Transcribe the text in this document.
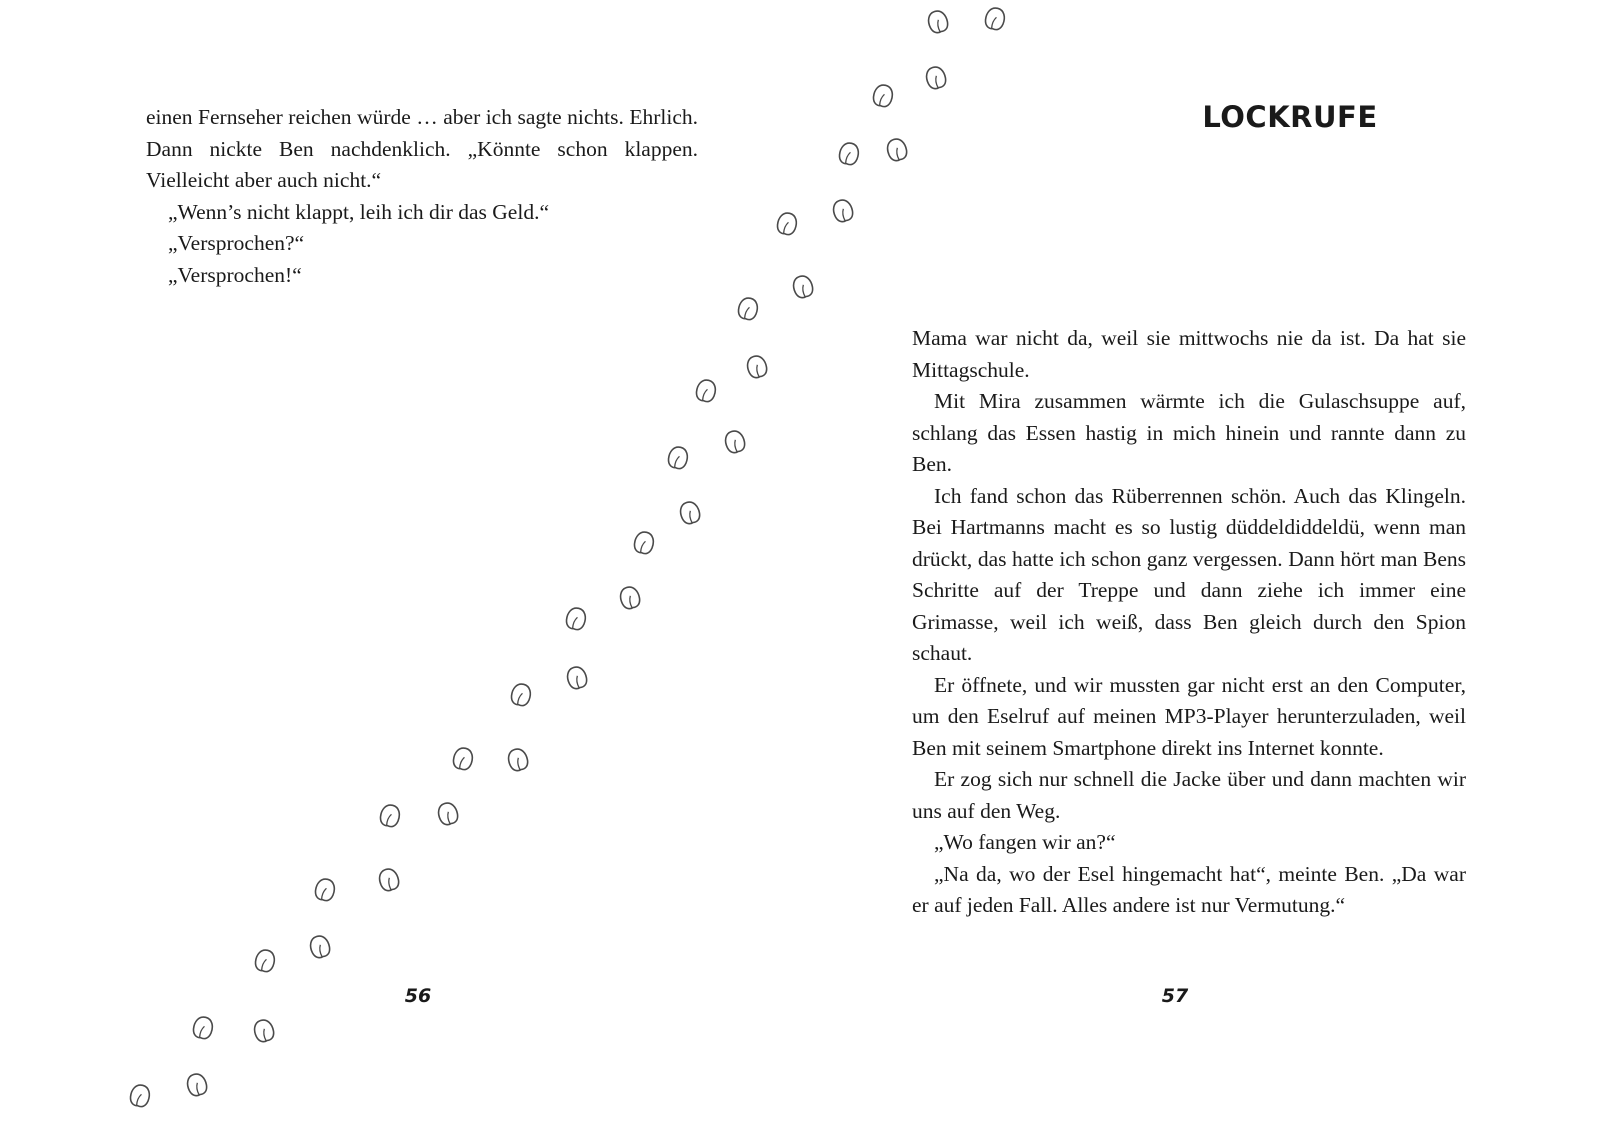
einen Fernseher reichen würde … aber ich sagte nichts. Ehrlich. Dann nickte Ben nachdenklich. „Könnte schon klappen. Vielleicht aber auch nicht.“

„Wenn’s nicht klappt, leih ich dir das Geld.“

„Versprochen?“

„Versprochen!“

56
LOCKRUFE

Mama war nicht da, weil sie mittwochs nie da ist. Da hat sie Mittagschule.

Mit Mira zusammen wärmte ich die Gulaschsuppe auf, schlang das Essen hastig in mich hinein und rannte dann zu Ben.

Ich fand schon das Rüberrennen schön. Auch das Klingeln. Bei Hartmanns macht es so lustig düddeldiddeldü, wenn man drückt, das hatte ich schon ganz vergessen. Dann hört man Bens Schritte auf der Treppe und dann ziehe ich immer eine Grimasse, weil ich weiß, dass Ben gleich durch den Spion schaut.

Er öffnete, und wir mussten gar nicht erst an den Computer, um den Eselruf auf meinen MP3-Player herunterzuladen, weil Ben mit seinem Smartphone direkt ins Internet konnte.

Er zog sich nur schnell die Jacke über und dann machten wir uns auf den Weg.

„Wo fangen wir an?“

„Na da, wo der Esel hingemacht hat“, meinte Ben. „Da war er auf jeden Fall. Alles andere ist nur Vermutung.“

57
